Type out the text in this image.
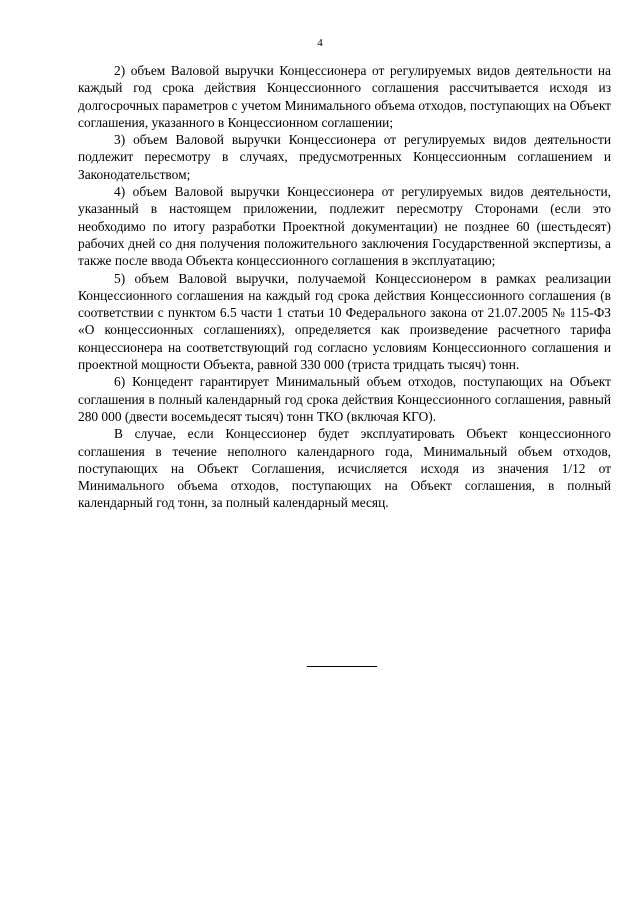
4

2) объем Валовой выручки Концессионера от регулируемых видов деятельности на каждый год срока действия Концессионного соглашения рассчитывается исходя из долгосрочных параметров с учетом Минимального объема отходов, поступающих на Объект соглашения, указанного в Концессионном соглашении;

3) объем Валовой выручки Концессионера от регулируемых видов деятельности подлежит пересмотру в случаях, предусмотренных Концессионным соглашением и Законодательством;

4) объем Валовой выручки Концессионера от регулируемых видов деятельности, указанный в настоящем приложении, подлежит пересмотру Сторонами (если это необходимо по итогу разработки Проектной документации) не позднее 60 (шестьдесят) рабочих дней со дня получения положительного заключения Государственной экспертизы, а также после ввода Объекта концессионного соглашения в эксплуатацию;

5) объем Валовой выручки, получаемой Концессионером в рамках реализации Концессионного соглашения на каждый год срока действия Концессионного соглашения (в соответствии с пунктом 6.5 части 1 статьи 10 Федерального закона от 21.07.2005 № 115-ФЗ «О концессионных соглашениях), определяется как произведение расчетного тарифа концессионера на соответствующий год согласно условиям Концессионного соглашения и проектной мощности Объекта, равной 330 000 (триста тридцать тысяч) тонн.

6) Концедент гарантирует Минимальный объем отходов, поступающих на Объект соглашения в полный календарный год срока действия Концессионного соглашения, равный 280 000 (двести восемьдесят тысяч) тонн ТКО (включая КГО).

В случае, если Концессионер будет эксплуатировать Объект концессионного соглашения в течение неполного календарного года, Минимальный объем отходов, поступающих на Объект Соглашения, исчисляется исходя из значения 1/12 от Минимального объема отходов, поступающих на Объект соглашения, в полный календарный год тонн, за полный календарный месяц.
